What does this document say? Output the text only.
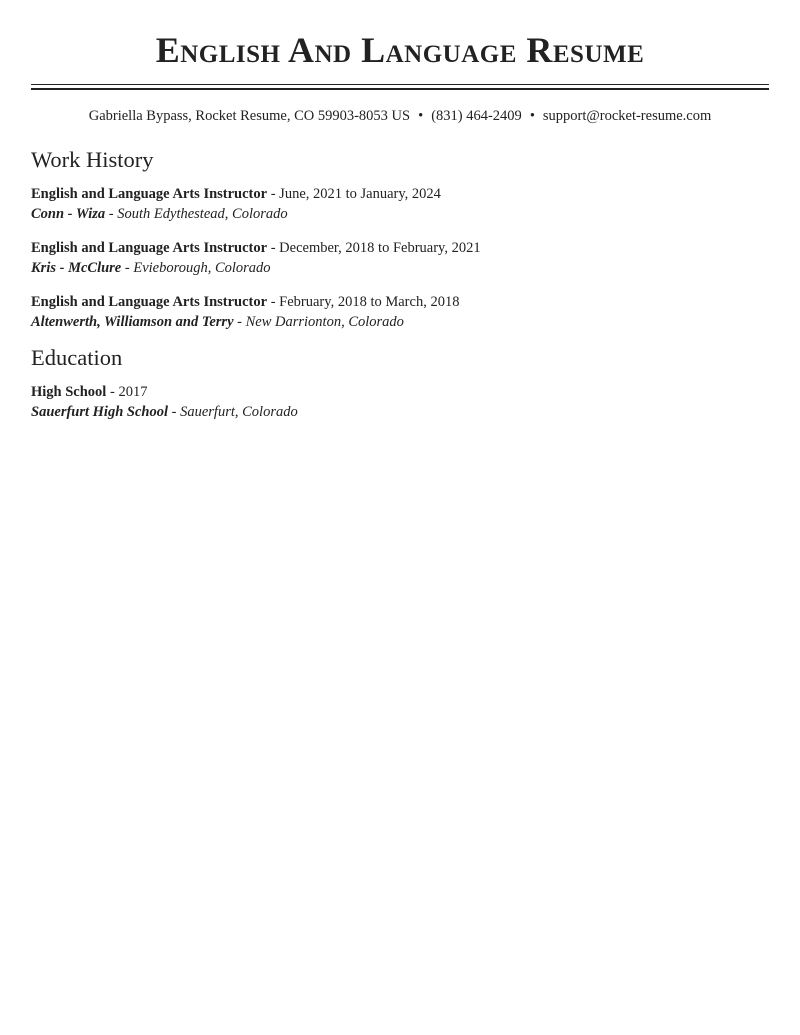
English And Language Resume
Gabriella Bypass, Rocket Resume, CO 59903-8053 US • (831) 464-2409 • support@rocket-resume.com
Work History
English and Language Arts Instructor - June, 2021 to January, 2024
Conn - Wiza - South Edythestead, Colorado
English and Language Arts Instructor - December, 2018 to February, 2021
Kris - McClure - Evieborough, Colorado
English and Language Arts Instructor - February, 2018 to March, 2018
Altenwerth, Williamson and Terry - New Darrionton, Colorado
Education
High School - 2017
Sauerfurt High School - Sauerfurt, Colorado
